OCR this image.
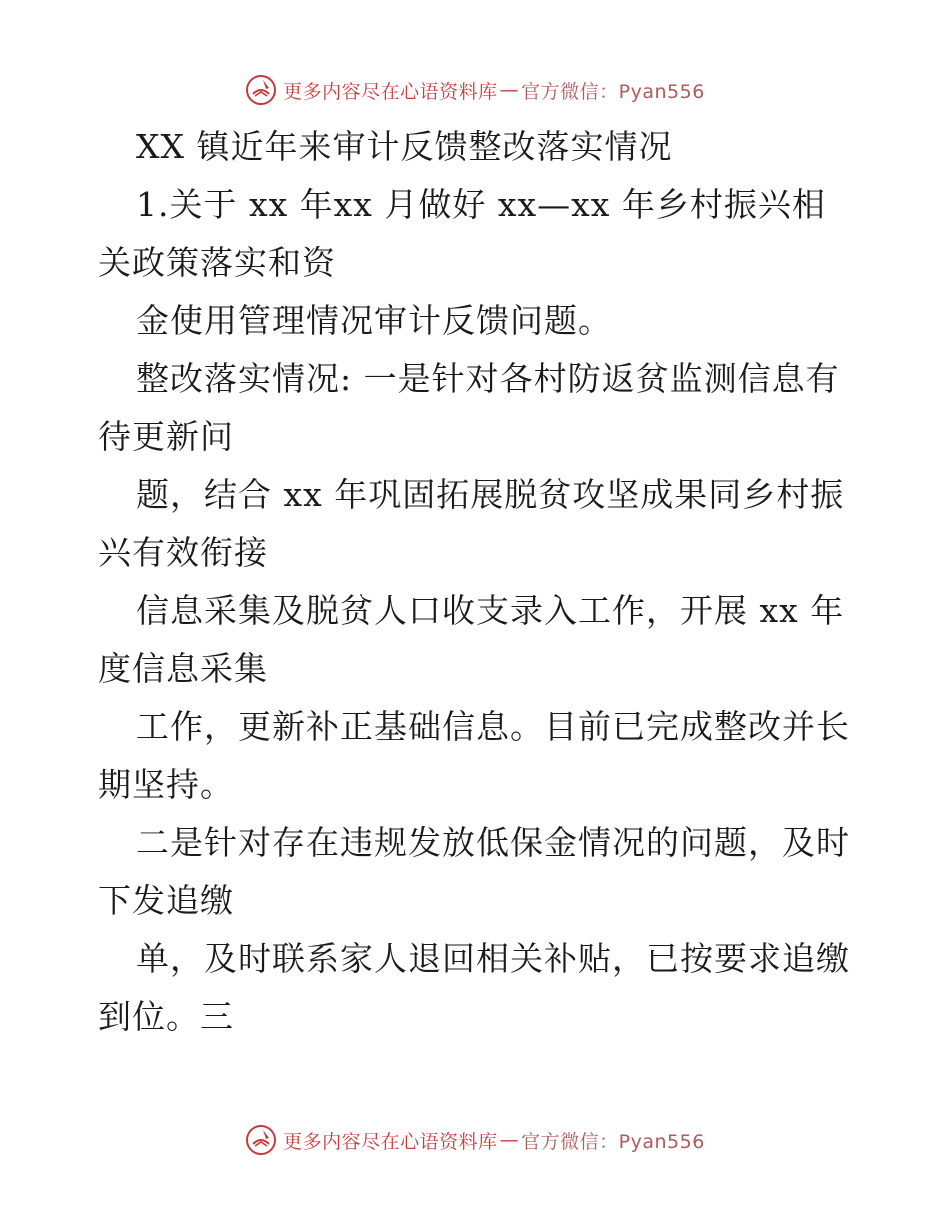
更多内容尽在心语资料库 — 官方微信：Pyan556
XX 镇近年来审计反馈整改落实情况
1.关于 xx 年xx 月做好 xx—xx 年乡村振兴相
关政策落实和资
金使用管理情况审计反馈问题。
整改落实情况: 一是针对各村防返贫监测信息有
待更新问
题，结合 xx 年巩固拓展脱贫攻坚成果同乡村振
兴有效衔接
信息采集及脱贫人口收支录入工作，开展 xx 年
度信息采集
工作，更新补正基础信息。目前已完成整改并长
期坚持。
二是针对存在违规发放低保金情况的问题，及时
下发追缴
单，及时联系家人退回相关补贴，已按要求追缴
到位。三
更多内容尽在心语资料库 — 官方微信：Pyan556
